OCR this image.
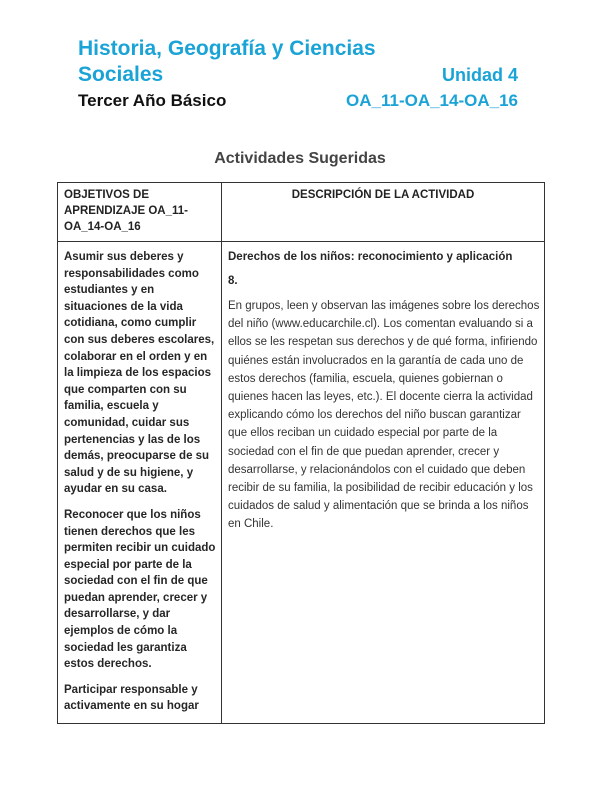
Historia, Geografía y Ciencias
Sociales	Unidad 4
Tercer Año Básico	OA_11-OA_14-OA_16
Actividades Sugeridas
OBJETIVOS DE APRENDIZAJE OA_11-OA_14-OA_16
DESCRIPCIÓN DE LA ACTIVIDAD

Asumir sus deberes y responsabilidades como estudiantes y en situaciones de la vida cotidiana, como cumplir con sus deberes escolares, colaborar en el orden y en la limpieza de los espacios que comparten con su familia, escuela y comunidad, cuidar sus pertenencias y las de los demás, preocuparse de su salud y de su higiene, y ayudar en su casa.

Reconocer que los niños tienen derechos que les permiten recibir un cuidado especial por parte de la sociedad con el fin de que puedan aprender, crecer y desarrollarse, y dar ejemplos de cómo la sociedad les garantiza estos derechos.

Participar responsable y activamente en su hogar

Derechos de los niños: reconocimiento y aplicación
8.
En grupos, leen y observan las imágenes sobre los derechos del niño (www.educarchile.cl). Los comentan evaluando si a ellos se les respetan sus derechos y de qué forma, infiriendo quiénes están involucrados en la garantía de cada uno de estos derechos (familia, escuela, quienes gobiernan o quienes hacen las leyes, etc.). El docente cierra la actividad explicando cómo los derechos del niño buscan garantizar que ellos reciban un cuidado especial por parte de la sociedad con el fin de que puedan aprender, crecer y desarrollarse, y relacionándolos con el cuidado que deben recibir de su familia, la posibilidad de recibir educación y los cuidados de salud y alimentación que se brinda a los niños en Chile.
